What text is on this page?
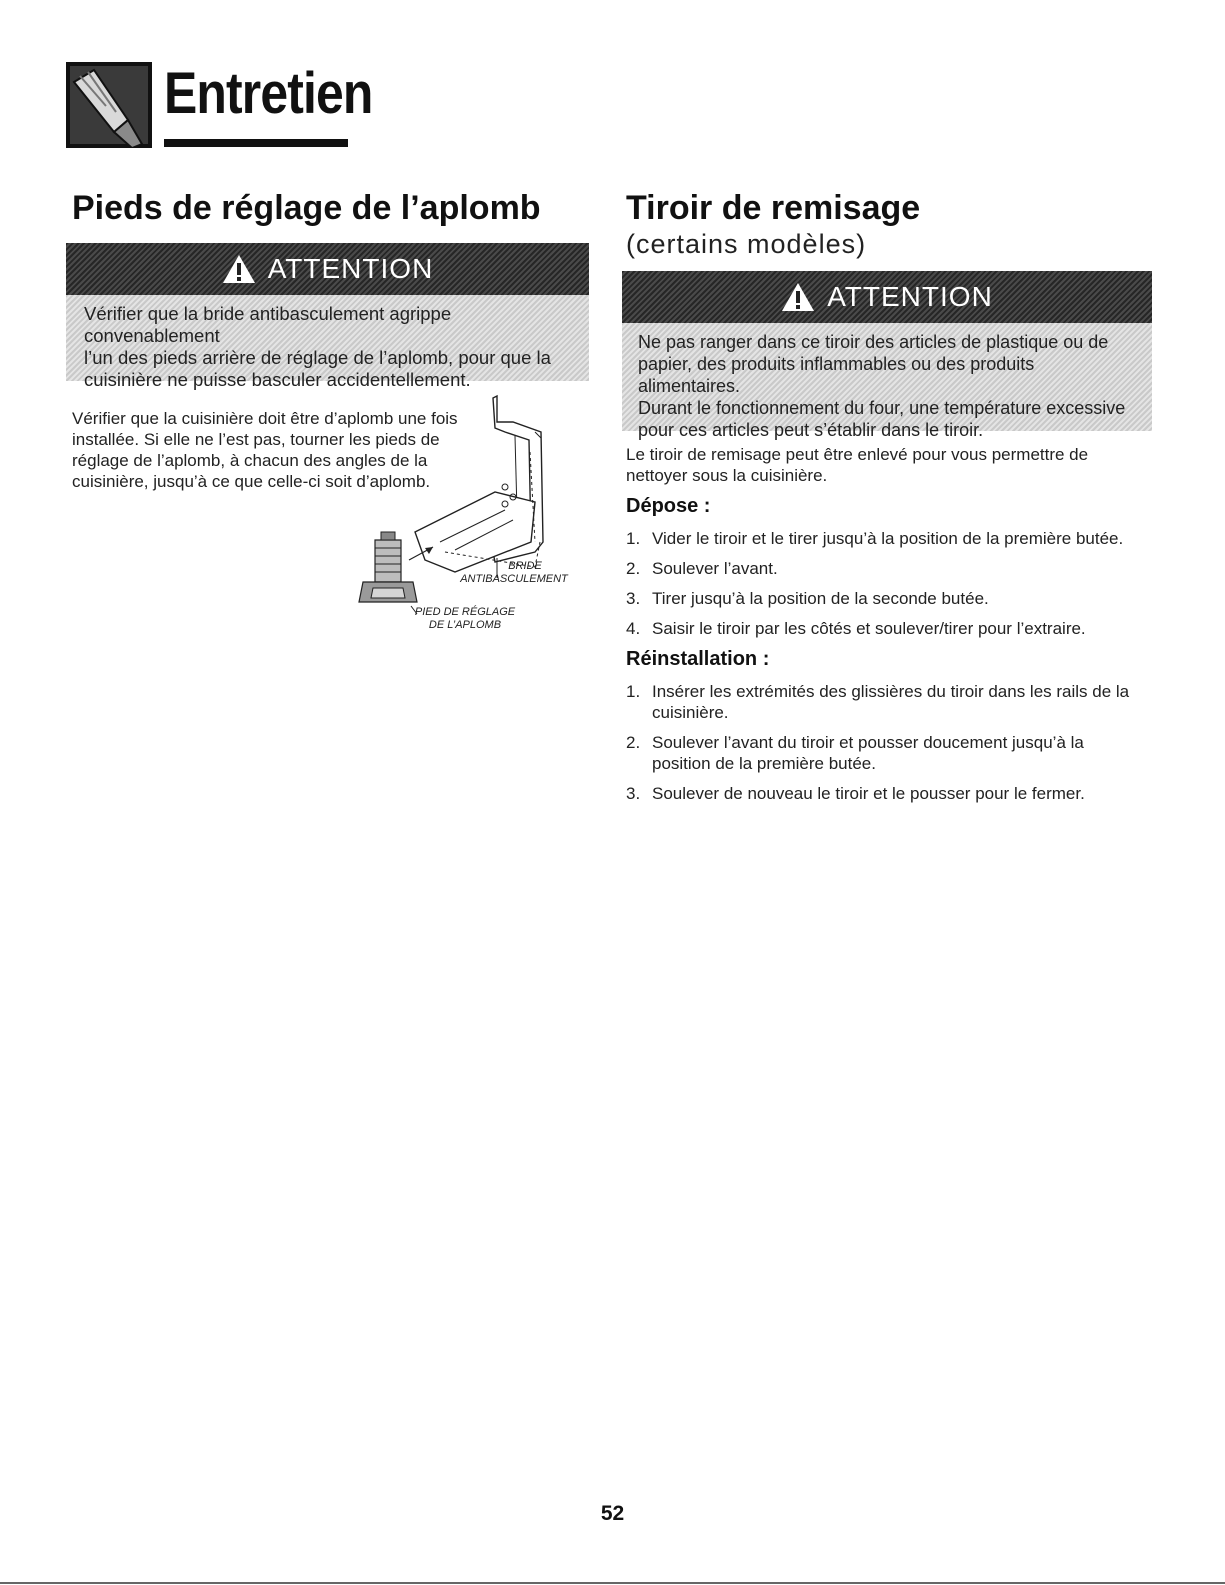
Entretien
Pieds de réglage de l’aplomb
ATTENTION

Vérifier que la bride antibasculement agrippe convenablement

l’un des pieds arrière de réglage de l’aplomb, pour que la

cuisinière ne puisse basculer accidentellement.

Vérifier que la cuisinière doit être d’aplomb une fois
installée. Si elle ne l’est pas, tourner les pieds de
réglage de l’aplomb, à chacun des angles de la
cuisinière, jusqu’à ce que celle-ci soit d’aplomb.
BRIDE
ANTIBASCULEMENT
PIED DE RÉGLAGE
DE L’APLOMB
Tiroir de remisage

(certains modèles)

ATTENTION

Ne pas ranger dans ce tiroir des articles de plastique ou de

papier, des produits inflammables ou des produits alimentaires.

Durant le fonctionnement du four, une température excessive

pour ces articles peut s’établir dans le tiroir.

Le tiroir de remisage peut être enlevé pour vous permettre de
nettoyer sous la cuisinière.
Dépose :
1. Vider le tiroir et le tirer jusqu’à la position de la première butée.
2. Soulever l’avant.
3. Tirer jusqu’à la position de la seconde butée.
4. Saisir le tiroir par les côtés et soulever/tirer pour l’extraire.
Réinstallation :
1. Insérer les extrémités des glissières du tiroir dans les rails de la cuisinière.
2. Soulever l’avant du tiroir et pousser doucement jusqu’à la position de la première butée.
3. Soulever de nouveau le tiroir et le pousser pour le fermer.

52
